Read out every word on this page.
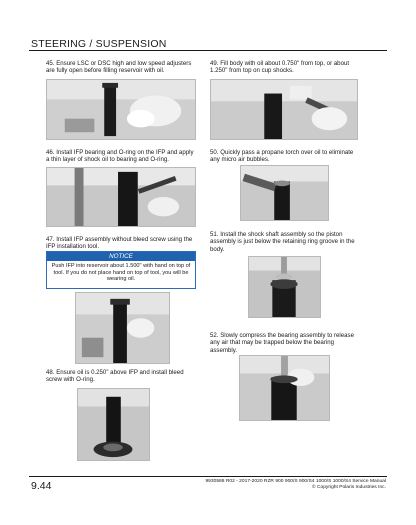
STEERING / SUSPENSION
45. Ensure LSC or DSC high and low speed adjusters are fully open before filling reservoir with oil.
46. Install IFP bearing and O-ring on the IFP and apply a thin layer of shock oil to bearing and O-ring.
47. Install IFP assembly without bleed screw using the IFP installation tool.
NOTICE
Push IFP into reservoir about 1.500" with hand on top of tool. If you do not place hand on top of tool, you will be wearing oil.
48. Ensure oil is 0.250" above IFP and install bleed screw with O-ring.
49. Fill body with oil about 0.750" from top, or about 1.250" from top on cup shocks.
50. Quickly pass a propane torch over oil to eliminate any micro air bubbles.
51. Install the shock shaft assembly so the piston assembly is just below the retaining ring groove in the body.
52. Slowly compress the bearing assembly to release any air that may be trapped below the bearing assembly.
9.44	9930588 R02 - 2017-2020 RZR 900 900/S 900/S4 1000/S 1000/S4 Service Manual
© Copyright Polaris Industries Inc.
